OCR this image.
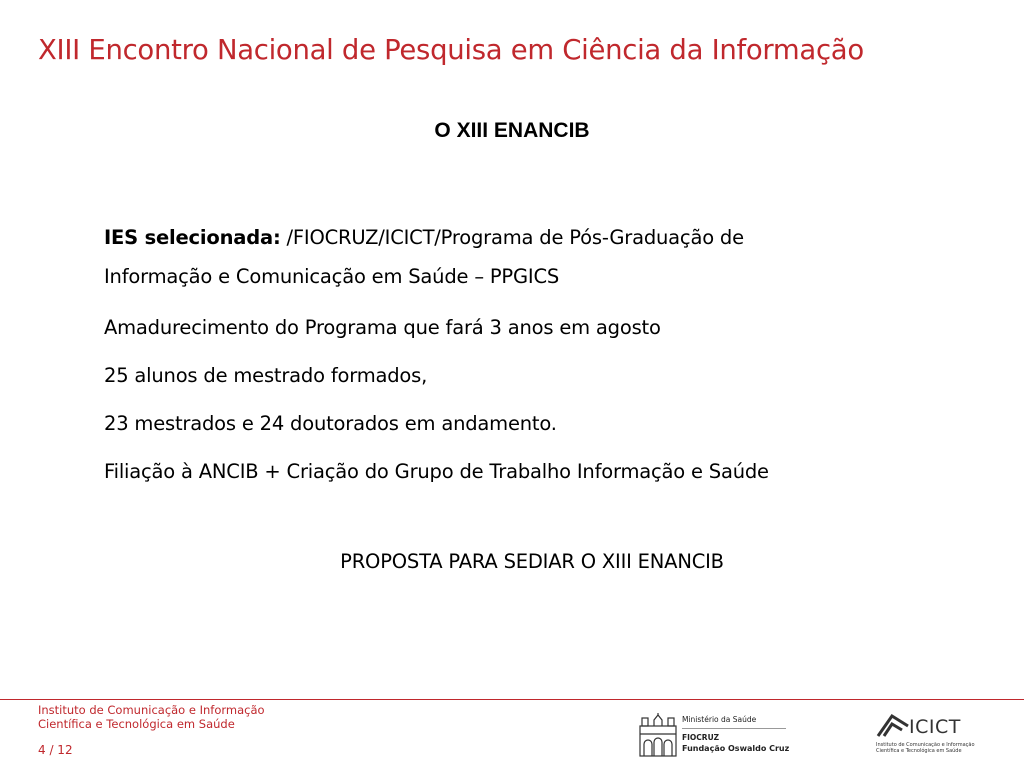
XIII Encontro Nacional de Pesquisa em Ciência da Informação
O XIII ENANCIB

IES selecionada: /FIOCRUZ/ICICT/Programa de Pós-Graduação de
Informação e Comunicação em Saúde – PPGICS

Amadurecimento do Programa que fará 3 anos em agosto

25 alunos de mestrado formados,

23 mestrados e 24 doutorados em andamento.

Filiação à ANCIB + Criação do Grupo de Trabalho Informação e Saúde

PROPOSTA PARA SEDIAR O XIII ENANCIB
Instituto de Comunicação e Informação
Científica e Tecnológica em Saúde
4 / 12
Ministério da Saúde
FIOCRUZ
Fundação Oswaldo Cruz
ICICT
Instituto de Comunicação e Informação
Científica e Tecnológica em Saúde
